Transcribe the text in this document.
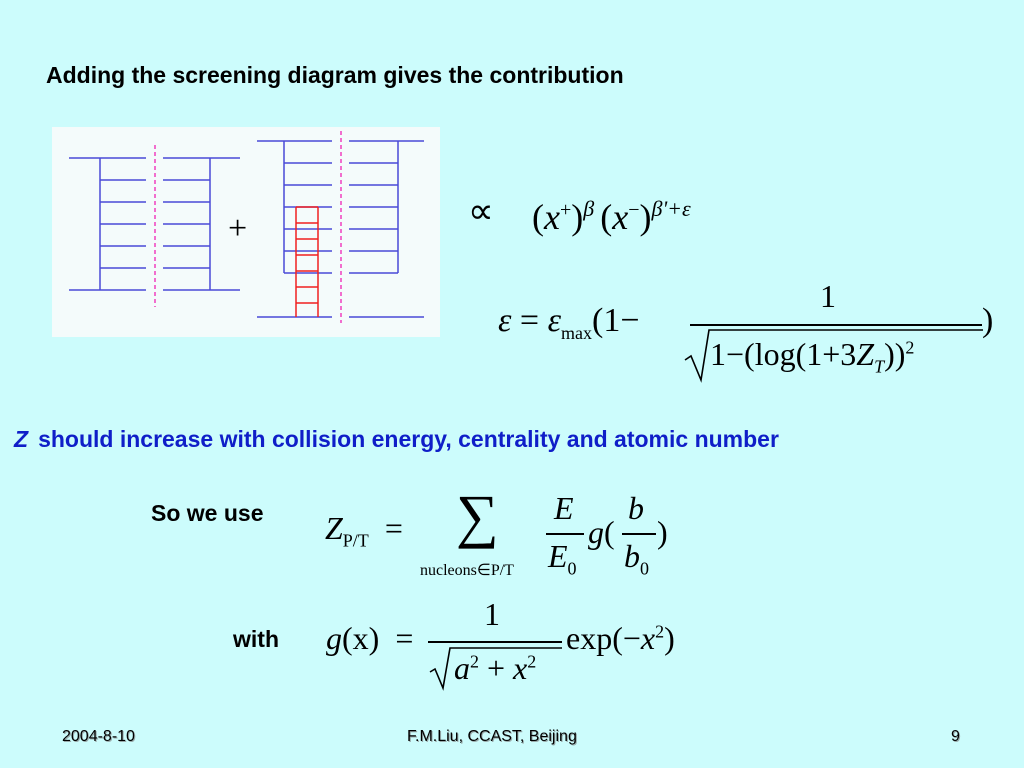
Adding the screening diagram gives the contribution
+	∝ $(x^+)^\beta$ $(x^-)^{\beta'+\varepsilon}$
$\varepsilon = \varepsilon_{max}(1-$
1
$1-(\log(1+3Z_T))^2$
)
Z should increase with collision energy, centrality and atomic number
So we use $Z_{P/T}$ = ∑
nucleons∈P/T
E
$E_0$
g(
b
$b_0$
)
with g(x) =
1
$a^2 + x^2$
$\exp(-x^2)$
2004-8-10	F.M.Liu, CCAST, Beijing	9
